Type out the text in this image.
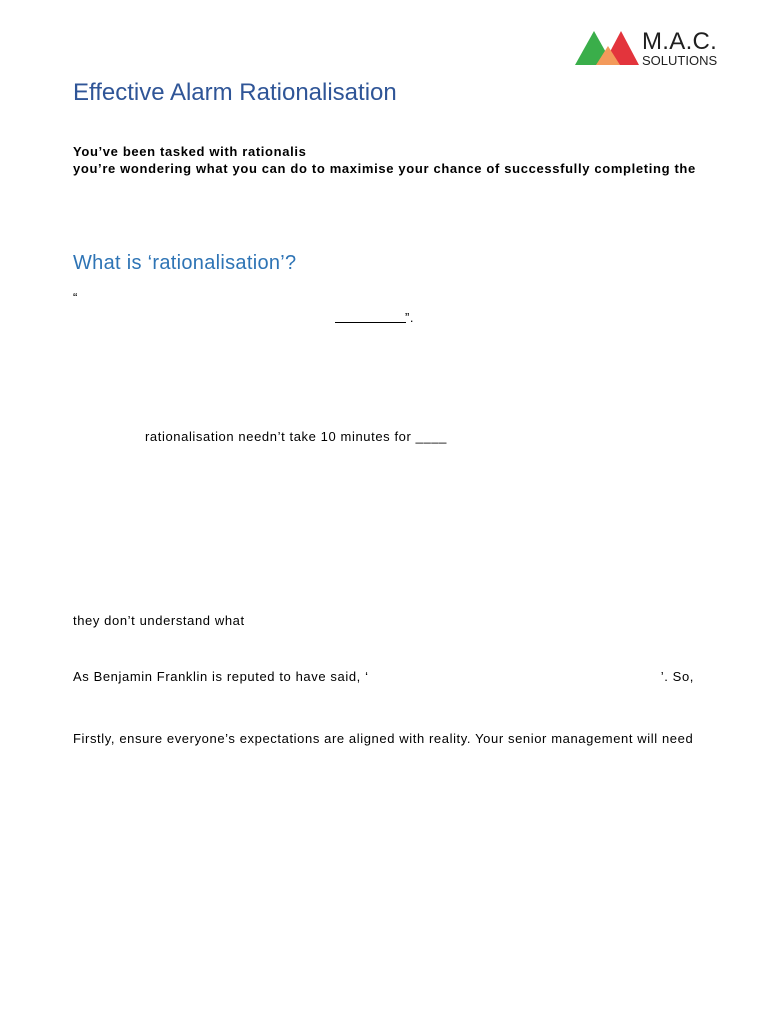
M.A.C.
SOLUTIONS
Effective Alarm Rationalisation
You’ve been tasked with rationalis
you’re wondering what you can do to maximise your chance of successfully completing the
What is ‘rationalisation’?
“
”.
rationalisation needn’t take 10 minutes for ____
they don’t understand what
As Benjamin Franklin is reputed to have said, ‘	’. So,
Firstly, ensure everyone’s expectations are aligned with reality. Your senior management will need
